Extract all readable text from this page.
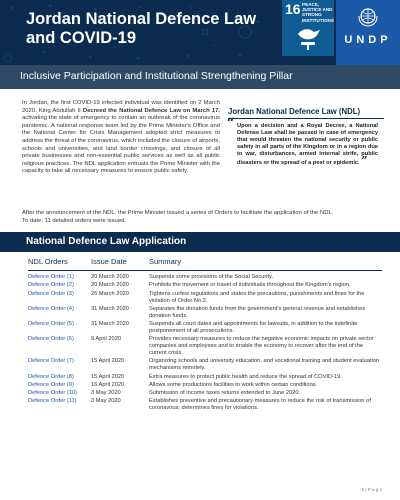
Jordan National Defence Law and COVID-19
16 PEACE, JUSTICE AND STRONG INSTITUTIONS
UNDP
Inclusive Participation and Institutional Strengthening Pillar
In Jordan, the first COVID-19 infected individual was identified on 2 March 2020. King Abdullah II Decreed the National Defence Law on March 17, activating the state of emergency to contain an outbreak of the coronavirus pandemic. A national response team led by the Prime Minister's Office and the National Center for Crisis Management adopted strict measures to address the threat of the coronavirus, which included the closure of airports, schools and universities, and land border crossings, and closure of all private businesses and non-essential public services as well as all public religious practices. The NDL application entrusts the Prime Minister with the capacity to take all necessary measures to ensure public safety.
Jordan National Defence Law (NDL)
“ Upon a decision and a Royal Decree, a National Defense Law shall be passed in case of emergency that would threaten the national security or public safety in all parts of the Kingdom or in a region due to war, disturbances, armed internal strife, public disasters or the spread of a pest or epidemic. ”
After the announcement of the NDL, the Prime Minister issued a series of Orders to facilitate the application of the NDL.
To date, 11 detailed orders were issued.
National Defence Law Application
NDL Orders	Issue Date	Summary
Defence Order (1)	20 March 2020	Suspends some provisions of the Social Security.
Defence Order (2)	20 March 2020	Prohibits the movement or travel of individuals throughout the Kingdom's region.
Defence Order (3)	26 March 2020	Tightens curfew regulations and states the precautions, punishments and fines for the violation of Order No.2.
Defence Order (4)	31 March 2020	Separates the donation funds from the government's general revenue and establishes donation funds.
Defence Order (5)	31 March 2020	Suspends all court dates and appointments for lawsuits, in addition to the indefinite postponement of all prosecutions.
Defence Order (6)	9 April 2020	Provides necessary measures to reduce the negative economic impacts on private sector companies and employees and to enable the economy to recover after the end of the current crisis.
Defence Order (7)	15 April 2020	Organizing schools and university education, and vocational training and student evaluation mechanisms remotely.
Defence Order (8)	15 April 2020	Extra measures to protect public health and reduce the spread of COVID-19.
Defence Order (9)	16 April 2020	Allows some productions facilities to work within certain conditions.
Defence Order (10)	3 May 2020	Submission of income taxes returns extended to June 2020.
Defence Order (11)	3 May 2020	Establishes preventive and precautionary measures to reduce the risk of transmission of coronavirus; determines fines for violations.
1 | P a g e
